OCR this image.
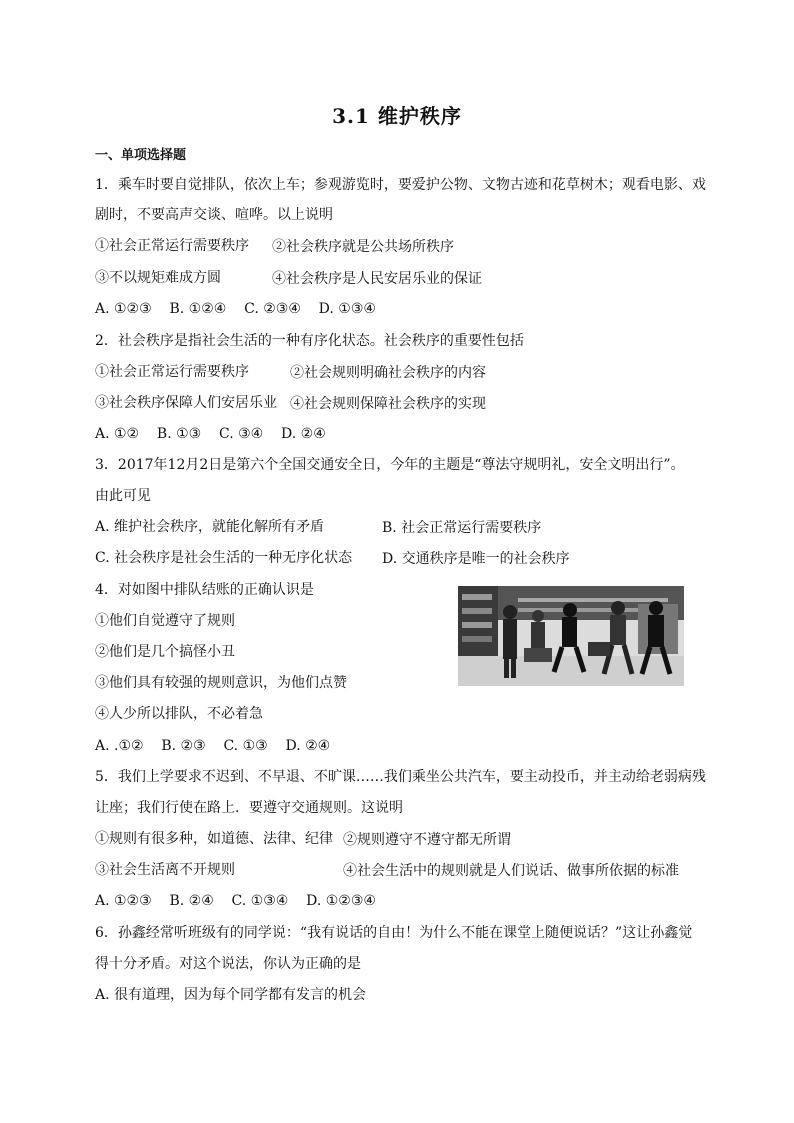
3.1 维护秩序
一、单项选择题
1．乘车时要自觉排队，依次上车；参观游览时，要爱护公物、文物古迹和花草树木；观看电影、戏
剧时，不要高声交谈、喧哗。以上说明
①社会正常运行需要秩序 ②社会秩序就是公共场所秩序
③不以规矩难成方圆	④社会秩序是人民安居乐业的保证
A. ①②③    B. ①②④    C. ②③④    D. ①③④
2．社会秩序是指社会生活的一种有序化状态。社会秩序的重要性包括
①社会正常运行需要秩序	②社会规则明确社会秩序的内容
③社会秩序保障人们安居乐业 ④社会规则保障社会秩序的实现
A. ①②    B. ①③    C. ③④    D. ②④
3．2017年12月2日是第六个全国交通安全日，今年的主题是“尊法守规明礼，安全文明出行”。
由此可见
A. 维护社会秩序，就能化解所有矛盾	B. 社会正常运行需要秩序
C. 社会秩序是社会生活的一种无序化状态 D. 交通秩序是唯一的社会秩序
4．对如图中排队结账的正确认识是
①他们自觉遵守了规则
②他们是几个搞怪小丑
③他们具有较强的规则意识，为他们点赞
④人少所以排队，不必着急
A. .①②    B. ②③    C. ①③    D. ②④
5．我们上学要求不迟到、不早退、不旷课……我们乘坐公共汽车，要主动投币，并主动给老弱病残
让座；我们行使在路上．要遵守交通规则。这说明
①规则有很多种，如道德、法律、纪律 ②规则遵守不遵守都无所谓
③社会生活离不开规则	④社会生活中的规则就是人们说话、做事所依据的标准
A. ①②③    B. ②④    C. ①③④    D. ①②③④
6．孙鑫经常听班级有的同学说：“我有说话的自由！为什么不能在课堂上随便说话？”这让孙鑫觉
得十分矛盾。对这个说法，你认为正确的是
A. 很有道理，因为每个同学都有发言的机会
